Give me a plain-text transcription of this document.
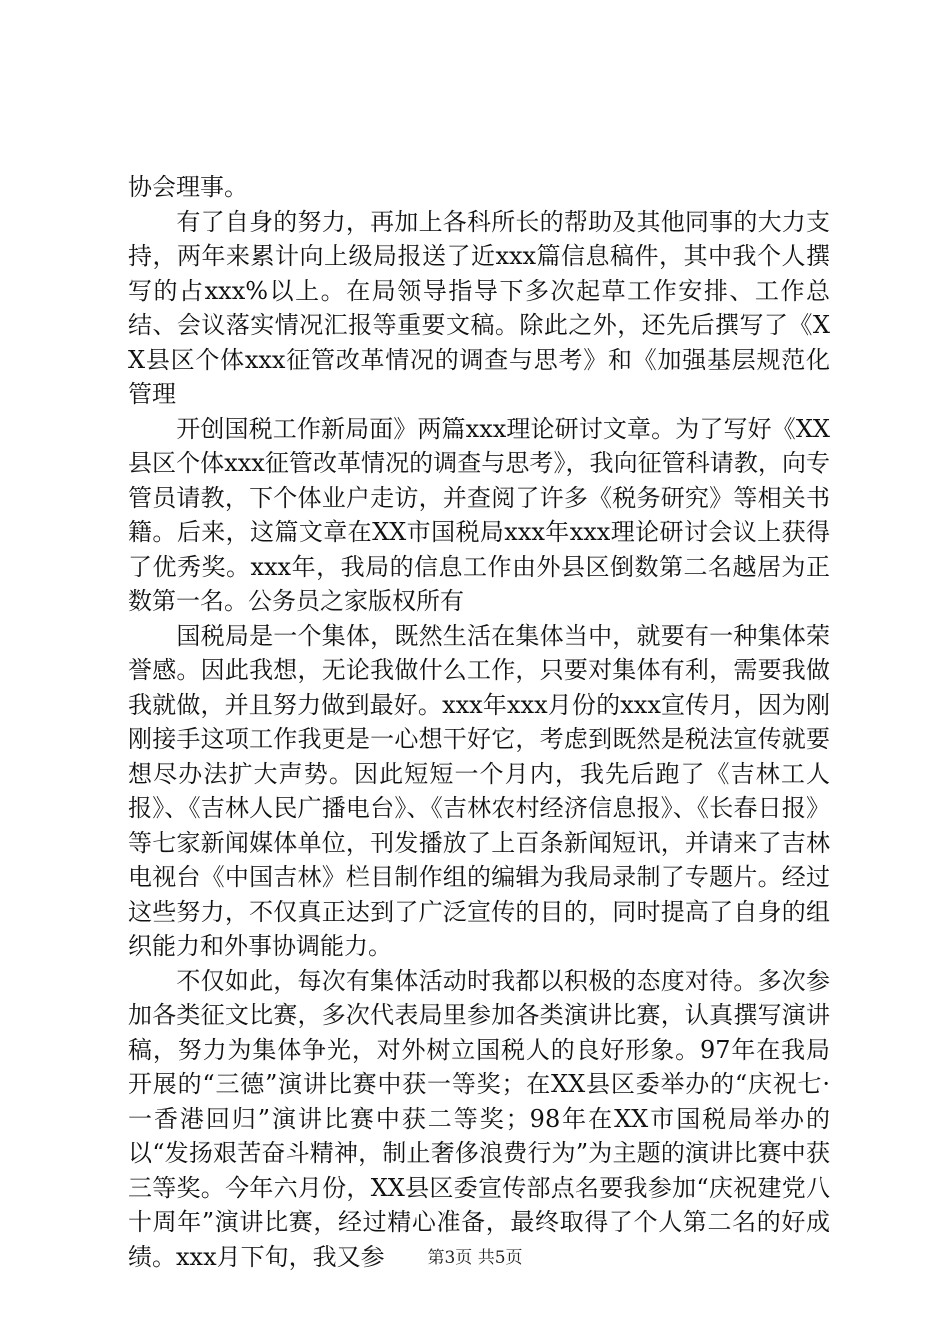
协会理事。

　　有了自身的努力，再加上各科所长的帮助及其他同事的大力支持，两年来累计向上级局报送了近xxx篇信息稿件，其中我个人撰写的占xxx%以上。在局领导指导下多次起草工作安排、工作总结、会议落实情况汇报等重要文稿。除此之外，还先后撰写了《XX县区个体xxx征管改革情况的调查与思考》和《加强基层规范化管理

　　开创国税工作新局面》两篇xxx理论研讨文章。为了写好《XX县区个体xxx征管改革情况的调查与思考》，我向征管科请教，向专管员请教，下个体业户走访，并查阅了许多《税务研究》等相关书籍。后来，这篇文章在XX市国税局xxx年xxx理论研讨会议上获得了优秀奖。xxx年，我局的信息工作由外县区倒数第二名越居为正数第一名。公务员之家版权所有

　　国税局是一个集体，既然生活在集体当中，就要有一种集体荣誉感。因此我想，无论我做什么工作，只要对集体有利，需要我做我就做，并且努力做到最好。xxx年xxx月份的xxx宣传月，因为刚刚接手这项工作我更是一心想干好它，考虑到既然是税法宣传就要想尽办法扩大声势。因此短短一个月内，我先后跑了《吉林工人报》、《吉林人民广播电台》、《吉林农村经济信息报》、《长春日报》等七家新闻媒体单位，刊发播放了上百条新闻短讯，并请来了吉林电视台《中国吉林》栏目制作组的编辑为我局录制了专题片。经过这些努力，不仅真正达到了广泛宣传的目的，同时提高了自身的组织能力和外事协调能力。

　　不仅如此，每次有集体活动时我都以积极的态度对待。多次参加各类征文比赛，多次代表局里参加各类演讲比赛，认真撰写演讲稿，努力为集体争光，对外树立国税人的良好形象。97年在我局开展的“三德”演讲比赛中获一等奖；在XX县区委举办的“庆祝七·一香港回归”演讲比赛中获二等奖；98年在XX市国税局举办的以“发扬艰苦奋斗精神，制止奢侈浪费行为”为主题的演讲比赛中获三等奖。今年六月份，XX县区委宣传部点名要我参加“庆祝建党八十周年”演讲比赛，经过精心准备，最终取得了个人第二名的好成绩。xxx月下旬，我又参	第3页 共5页
